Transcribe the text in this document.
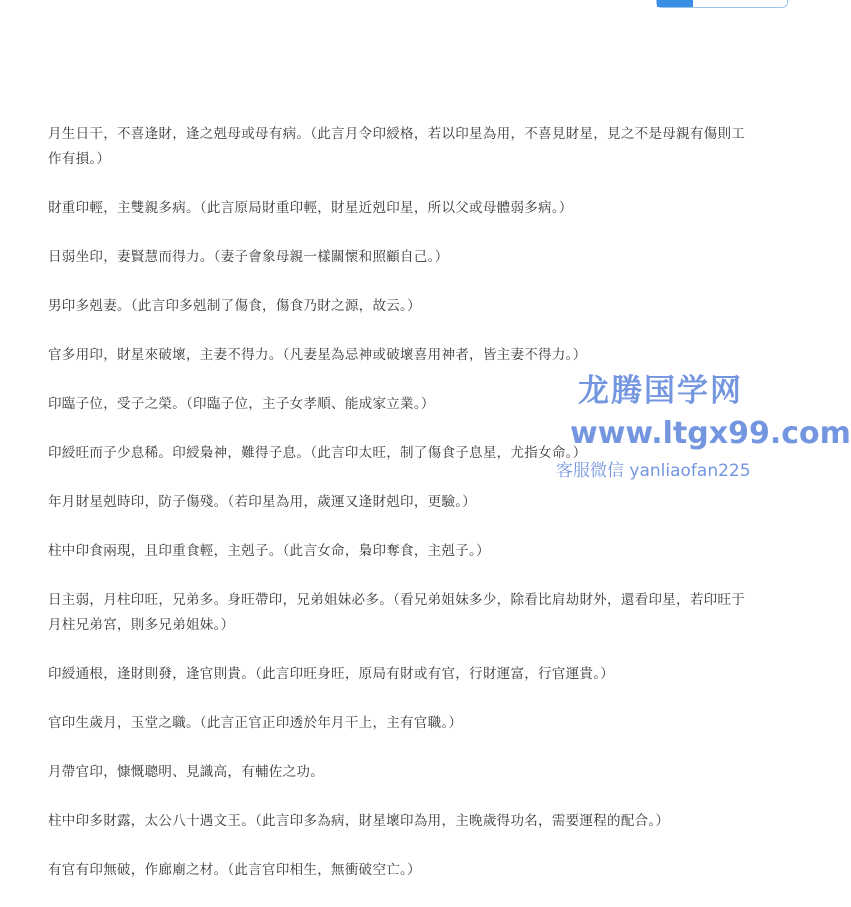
月生日干，不喜逢財，逢之剋母或母有病。（此言月令印綬格，若以印星為用，不喜見財星，見之不是母親有傷則工作有損。）

財重印輕，主雙親多病。（此言原局財重印輕，財星近剋印星，所以父或母體弱多病。）

日弱坐印，妻賢慧而得力。（妻子會象母親一樣關懷和照顧自己。）

男印多剋妻。（此言印多剋制了傷食，傷食乃財之源，故云。）

官多用印，財星來破壞，主妻不得力。（凡妻星為忌神或破壞喜用神者，皆主妻不得力。）

印臨子位，受子之榮。（印臨子位，主子女孝順、能成家立業。）

印綬旺而子少息稀。印綬梟神，難得子息。（此言印太旺，制了傷食子息星，尤指女命。）

年月財星剋時印，防子傷殘。（若印星為用，歲運又逢財剋印，更驗。）

柱中印食兩現，且印重食輕，主剋子。（此言女命，梟印奪食，主剋子。）

日主弱，月柱印旺，兄弟多。身旺帶印，兄弟姐妹必多。（看兄弟姐妹多少，除看比肩劫財外，還看印星，若印旺于月柱兄弟宮，則多兄弟姐妹。）

印綬通根，逢財則發，逢官則貴。（此言印旺身旺，原局有財或有官，行財運富，行官運貴。）

官印生歲月，玉堂之職。（此言正官正印透於年月干上，主有官職。）

月帶官印，慷慨聰明、見識高，有輔佐之功。

柱中印多財露，太公八十遇文王。（此言印多為病，財星壞印為用，主晚歲得功名，需要運程的配合。）

有官有印無破，作廊廟之材。（此言官印相生，無衝破空亡。）

龙腾国学网
www.ltgx99.com
客服微信 yanliaofan225
